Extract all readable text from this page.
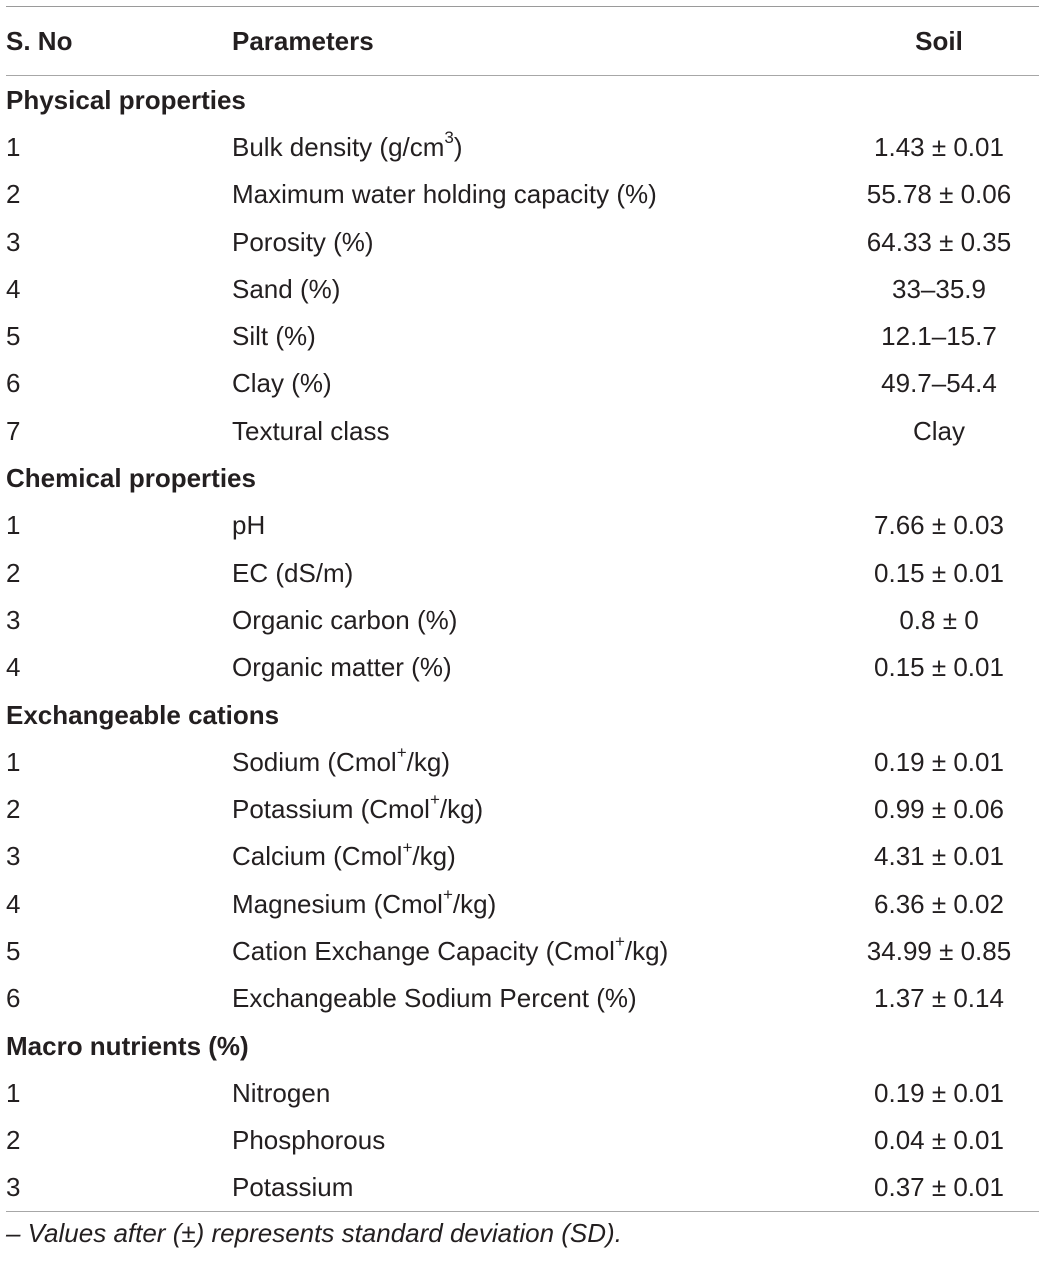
S. No	Parameters	Soil
Physical properties
1	Bulk density $(g/cm^3)$	1.43 ± 0.01
2	Maximum water holding capacity (%)	55.78 ± 0.06
3	Porosity (%)	64.33 ± 0.35
4	Sand (%)	33–35.9
5	Silt (%)	12.1–15.7
6	Clay (%)	49.7–54.4
7	Textural class	Clay
Chemical properties
1	pH	7.66 ± 0.03
2	EC (dS/m)	0.15 ± 0.01
3	Organic carbon (%)	0.8 ± 0
4	Organic matter (%)	0.15 ± 0.01
Exchangeable cations
1	Sodium (Cmol+/kg)	0.19 ± 0.01
2	Potassium (Cmol+/kg)	0.99 ± 0.06
3	Calcium (Cmol+/kg)	4.31 ± 0.01
4	Magnesium (Cmol+/kg)	6.36 ± 0.02
5	Cation Exchange Capacity (Cmol+/kg)	34.99 ± 0.85
6	Exchangeable Sodium Percent (%)	1.37 ± 0.14
Macro nutrients (%)
1	Nitrogen	0.19 ± 0.01
2	Phosphorous	0.04 ± 0.01
3	Potassium	0.37 ± 0.01
– Values after (±) represents standard deviation (SD).
